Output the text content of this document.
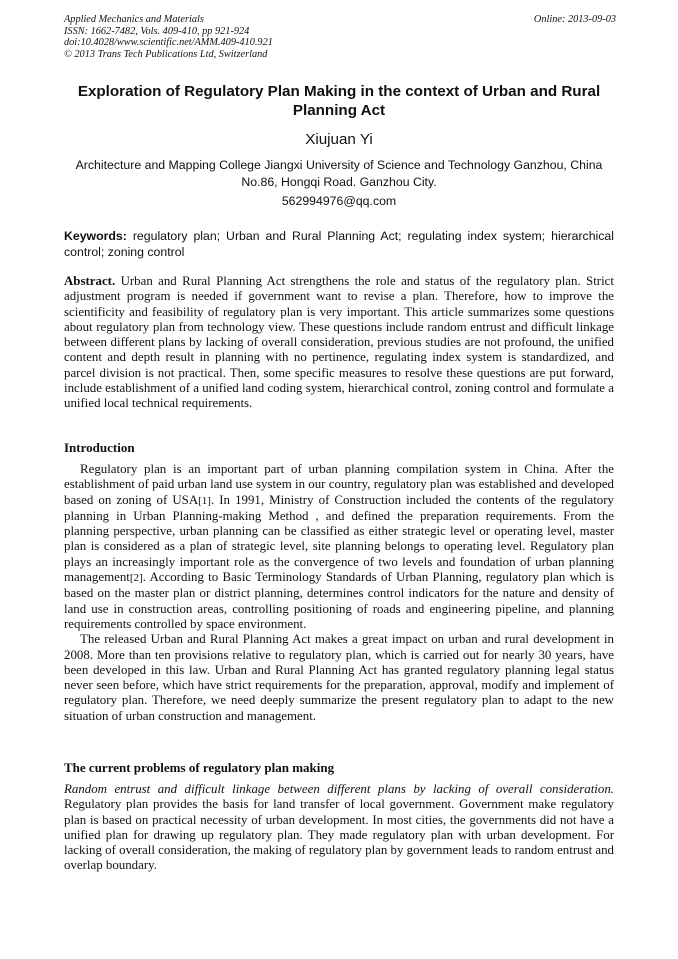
Applied Mechanics and Materials
ISSN: 1662-7482, Vols. 409-410, pp 921-924
doi:10.4028/www.scientific.net/AMM.409-410.921
© 2013 Trans Tech Publications Ltd, Switzerland
Online: 2013-09-03
Exploration of Regulatory Plan Making in the context of Urban and Rural Planning Act
Xiujuan Yi
Architecture and Mapping College Jiangxi University of Science and Technology Ganzhou, China No.86, Hongqi Road. Ganzhou City.
562994976@qq.com
Keywords: regulatory plan; Urban and Rural Planning Act; regulating index system; hierarchical control; zoning control

Abstract. Urban and Rural Planning Act strengthens the role and status of the regulatory plan. Strict adjustment program is needed if government want to revise a plan. Therefore, how to improve the scientificity and feasibility of regulatory plan is very important. This article summarizes some questions about regulatory plan from technology view. These questions include random entrust and difficult linkage between different plans by lacking of overall consideration, previous studies are not profound, the unified content and depth result in planning with no pertinence, regulating index system is standardized, and parcel division is not practical. Then, some specific measures to resolve these questions are put forward, include establishment of a unified land coding system, hierarchical control, zoning control and formulate a unified local technical requirements.

Introduction

Regulatory plan is an important part of urban planning compilation system in China. After the establishment of paid urban land use system in our country, regulatory plan was established and developed based on zoning of USA[1]. In 1991, Ministry of Construction included the contents of the regulatory planning in Urban Planning-making Method , and defined the preparation requirements. From the planning perspective, urban planning can be classified as either strategic level or operating level, master plan is considered as a plan of strategic level, site planning belongs to operating level. Regulatory plan plays an increasingly important role as the convergence of two levels and foundation of urban planning management[2]. According to Basic Terminology Standards of Urban Planning, regulatory plan which is based on the master plan or district planning, determines control indicators for the nature and density of land use in construction areas, controlling positioning of roads and engineering pipeline, and planning requirements controlled by space environment.

The released Urban and Rural Planning Act makes a great impact on urban and rural development in 2008. More than ten provisions relative to regulatory plan, which is carried out for nearly 30 years, have been developed in this law. Urban and Rural Planning Act has granted regulatory planning legal status never seen before, which have strict requirements for the preparation, approval, modify and implement of regulatory plan. Therefore, we need deeply summarize the present regulatory plan to adapt to the new situation of urban construction and management.

The current problems of regulatory plan making

Random entrust and difficult linkage between different plans by lacking of overall consideration. Regulatory plan provides the basis for land transfer of local government. Government make regulatory plan is based on practical necessity of urban development. In most cities, the governments did not have a unified plan for drawing up regulatory plan. They made regulatory plan with urban development. For lacking of overall consideration, the making of regulatory plan by government leads to random entrust and overlap boundary.
